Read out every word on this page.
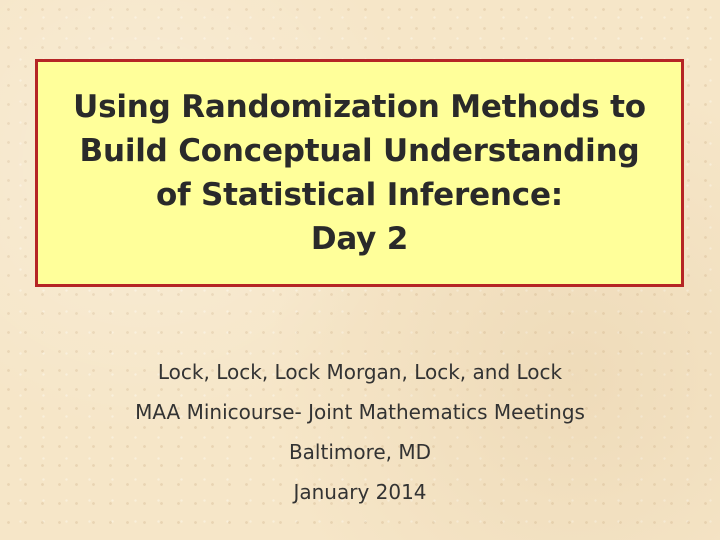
Using Randomization Methods to
Build Conceptual Understanding
of Statistical Inference:
Day 2
Lock, Lock, Lock Morgan, Lock, and Lock
MAA Minicourse- Joint Mathematics Meetings
Baltimore, MD
January 2014
